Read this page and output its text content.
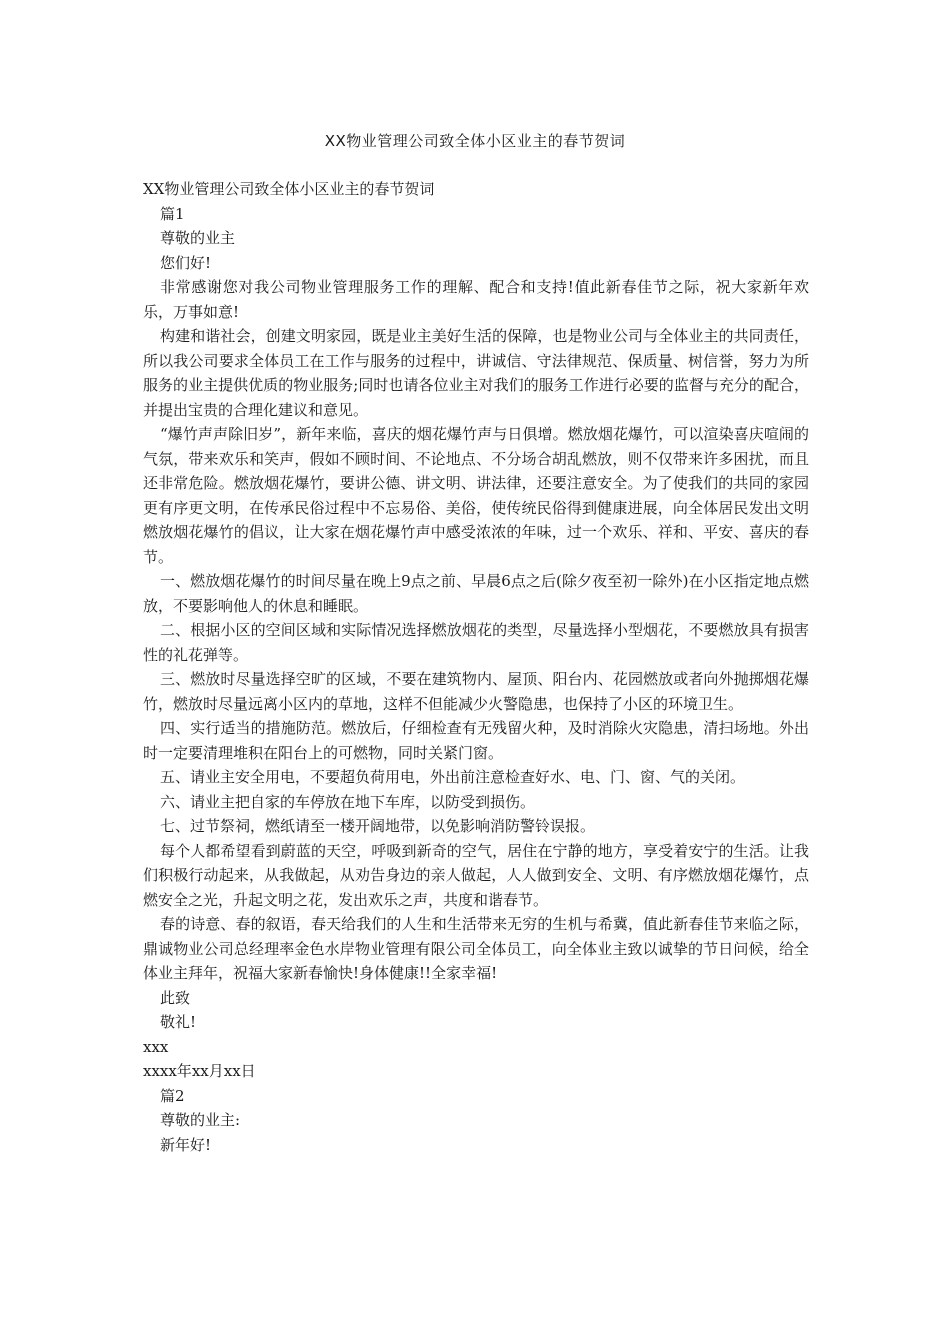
XX物业管理公司致全体小区业主的春节贺词

XX物业管理公司致全体小区业主的春节贺词

篇1

尊敬的业主

您们好!

非常感谢您对我公司物业管理服务工作的理解、配合和支持!值此新春佳节之际，祝大家新年欢乐，万事如意!

构建和谐社会，创建文明家园，既是业主美好生活的保障，也是物业公司与全体业主的共同责任，所以我公司要求全体员工在工作与服务的过程中，讲诚信、守法律规范、保质量、树信誉，努力为所服务的业主提供优质的物业服务;同时也请各位业主对我们的服务工作进行必要的监督与充分的配合，并提出宝贵的合理化建议和意见。

“爆竹声声除旧岁”，新年来临，喜庆的烟花爆竹声与日俱增。燃放烟花爆竹，可以渲染喜庆喧闹的气氛，带来欢乐和笑声，假如不顾时间、不论地点、不分场合胡乱燃放，则不仅带来许多困扰，而且还非常危险。燃放烟花爆竹，要讲公德、讲文明、讲法律，还要注意安全。为了使我们的共同的家园更有序更文明，在传承民俗过程中不忘易俗、美俗，使传统民俗得到健康进展，向全体居民发出文明燃放烟花爆竹的倡议，让大家在烟花爆竹声中感受浓浓的年味，过一个欢乐、祥和、平安、喜庆的春节。

一、燃放烟花爆竹的时间尽量在晚上9点之前、早晨6点之后(除夕夜至初一除外)在小区指定地点燃放，不要影响他人的休息和睡眠。

二、根据小区的空间区域和实际情况选择燃放烟花的类型，尽量选择小型烟花，不要燃放具有损害性的礼花弹等。

三、燃放时尽量选择空旷的区域，不要在建筑物内、屋顶、阳台内、花园燃放或者向外抛掷烟花爆竹，燃放时尽量远离小区内的草地，这样不但能减少火警隐患，也保持了小区的环境卫生。

四、实行适当的措施防范。燃放后，仔细检查有无残留火种，及时消除火灾隐患，清扫场地。外出时一定要清理堆积在阳台上的可燃物，同时关紧门窗。

五、请业主安全用电，不要超负荷用电，外出前注意检查好水、电、门、窗、气的关闭。

六、请业主把自家的车停放在地下车库，以防受到损伤。

七、过节祭祠，燃纸请至一楼开阔地带，以免影响消防警铃误报。

每个人都希望看到蔚蓝的天空，呼吸到新奇的空气，居住在宁静的地方，享受着安宁的生活。让我们积极行动起来，从我做起，从劝告身边的亲人做起，人人做到安全、文明、有序燃放烟花爆竹，点燃安全之光，升起文明之花，发出欢乐之声，共度和谐春节。

春的诗意、春的叙语，春天给我们的人生和生活带来无穷的生机与希冀，值此新春佳节来临之际，鼎诚物业公司总经理率金色水岸物业管理有限公司全体员工，向全体业主致以诚挚的节日问候，给全体业主拜年，祝福大家新春愉快!身体健康!!全家幸福!

此致

敬礼!

xxx

xxxx年xx月xx日

篇2

尊敬的业主:

新年好!
